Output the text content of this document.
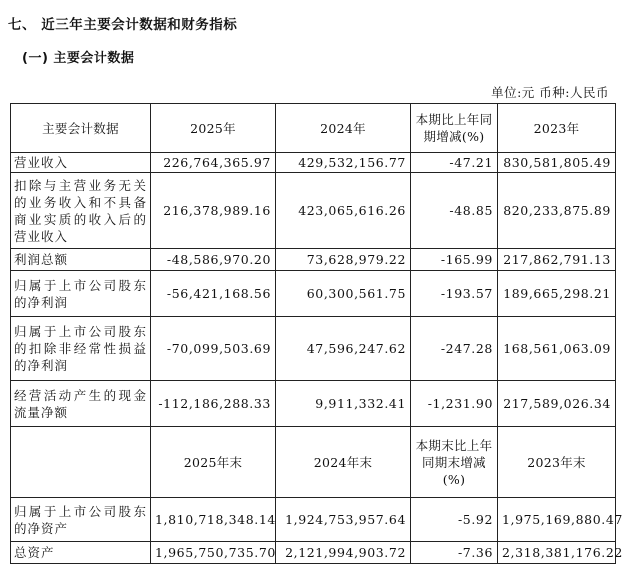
七、 近三年主要会计数据和财务指标
(一) 主要会计数据
单位:元 币种:人民币
主要会计数据	2025年	2024年	本期比上年同期增减(%)	2023年
营业收入	226,764,365.97	429,532,156.77	-47.21	830,581,805.49
扣除与主营业务无关的业务收入和不具备商业实质的收入后的营业收入	216,378,989.16	423,065,616.26	-48.85	820,233,875.89
利润总额	-48,586,970.20	73,628,979.22	-165.99	217,862,791.13
归属于上市公司股东的净利润	-56,421,168.56	60,300,561.75	-193.57	189,665,298.21
归属于上市公司股东的扣除非经常性损益的净利润	-70,099,503.69	47,596,247.62	-247.28	168,561,063.09
经营活动产生的现金流量净额	-112,186,288.33	9,911,332.41	-1,231.90	217,589,026.34
	2025年末	2024年末	本期末比上年同期末增减(%)	2023年末
归属于上市公司股东的净资产	1,810,718,348.14	1,924,753,957.64	-5.92	1,975,169,880.47
总资产	1,965,750,735.70	2,121,994,903.72	-7.36	2,318,381,176.22
